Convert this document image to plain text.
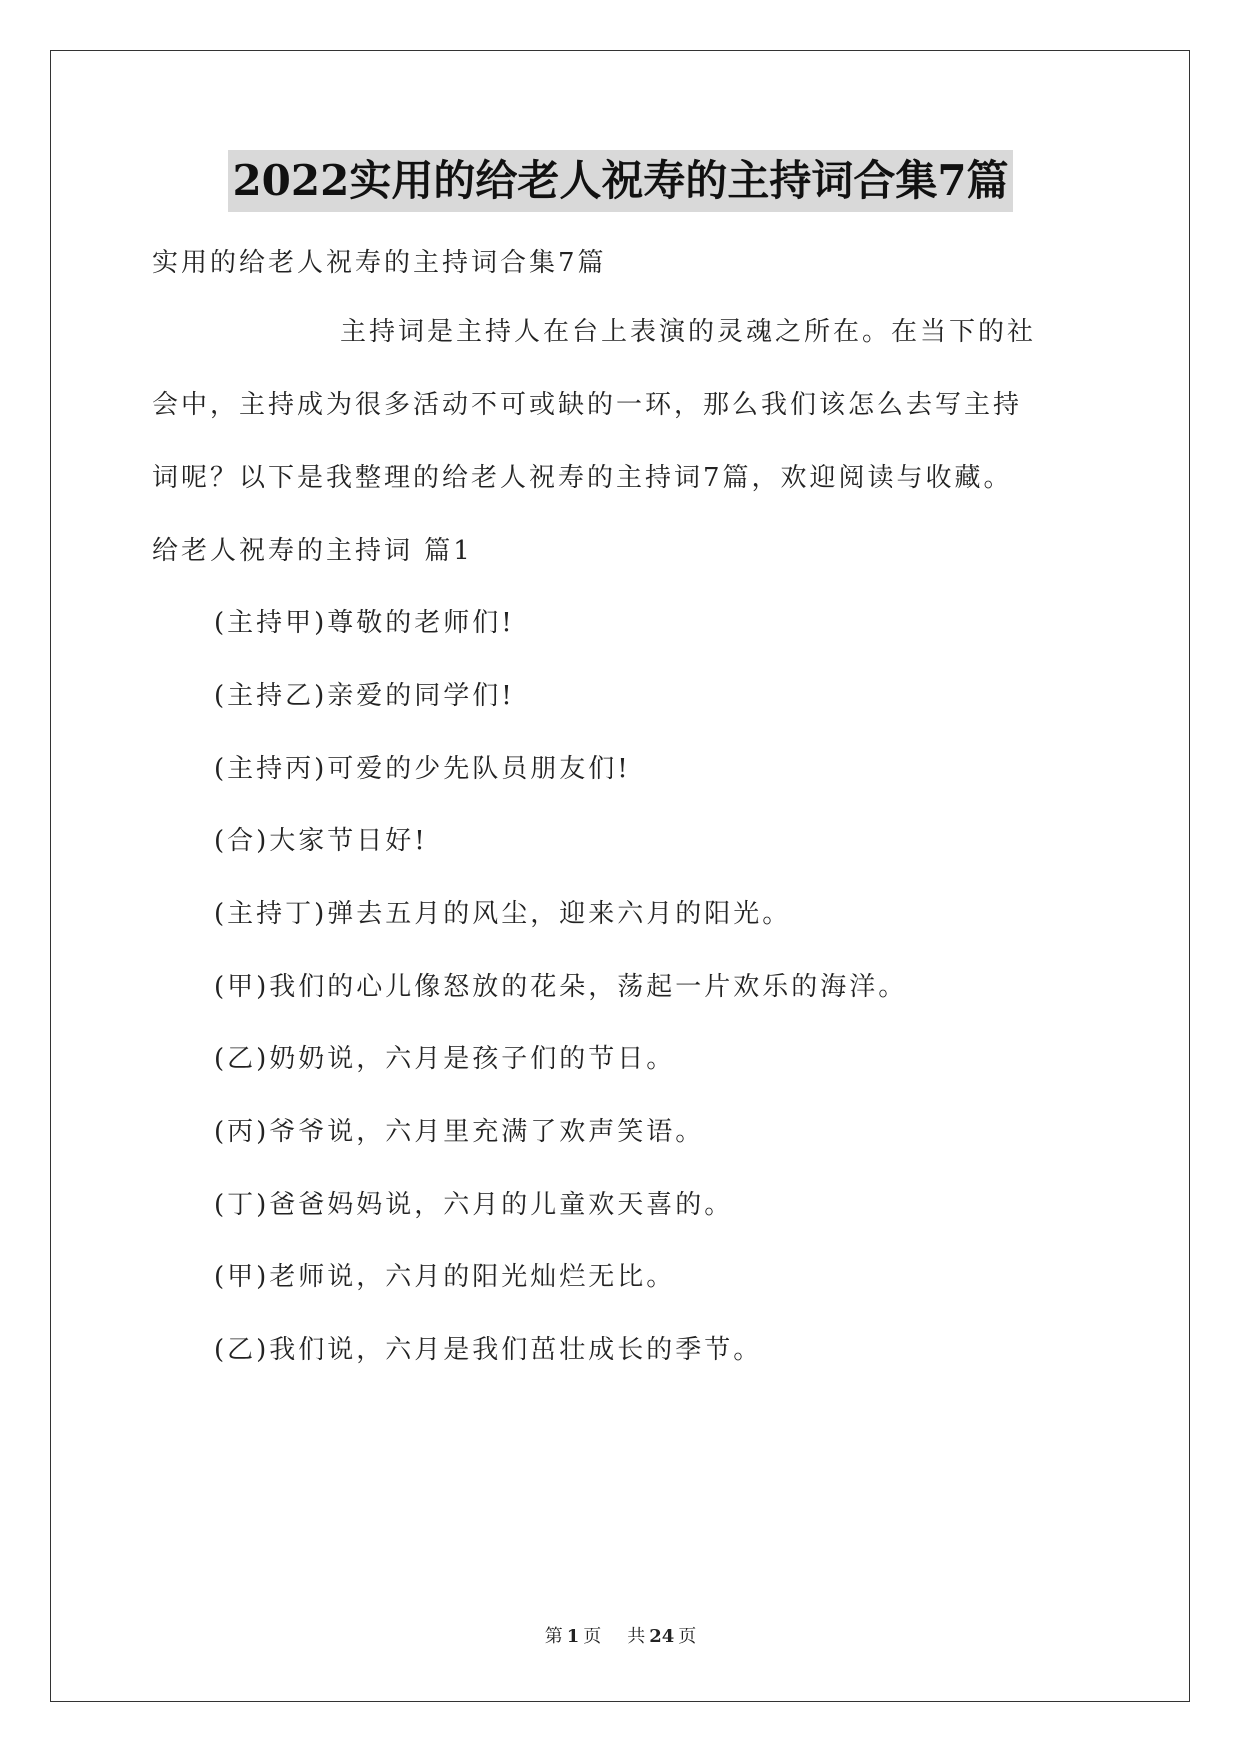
2022实用的给老人祝寿的主持词合集7篇
实用的给老人祝寿的主持词合集7篇
主持词是主持人在台上表演的灵魂之所在。在当下的社
会中，主持成为很多活动不可或缺的一环，那么我们该怎么去写主持
词呢？以下是我整理的给老人祝寿的主持词7篇，欢迎阅读与收藏。
给老人祝寿的主持词 篇1
(主持甲)尊敬的老师们!
(主持乙)亲爱的同学们!
(主持丙)可爱的少先队员朋友们!
(合)大家节日好!
(主持丁)弹去五月的风尘，迎来六月的阳光。
(甲)我们的心儿像怒放的花朵，荡起一片欢乐的海洋。
(乙)奶奶说，六月是孩子们的节日。
(丙)爷爷说，六月里充满了欢声笑语。
(丁)爸爸妈妈说，六月的儿童欢天喜的。
(甲)老师说，六月的阳光灿烂无比。
(乙)我们说，六月是我们茁壮成长的季节。
第 1 页 共 24 页
